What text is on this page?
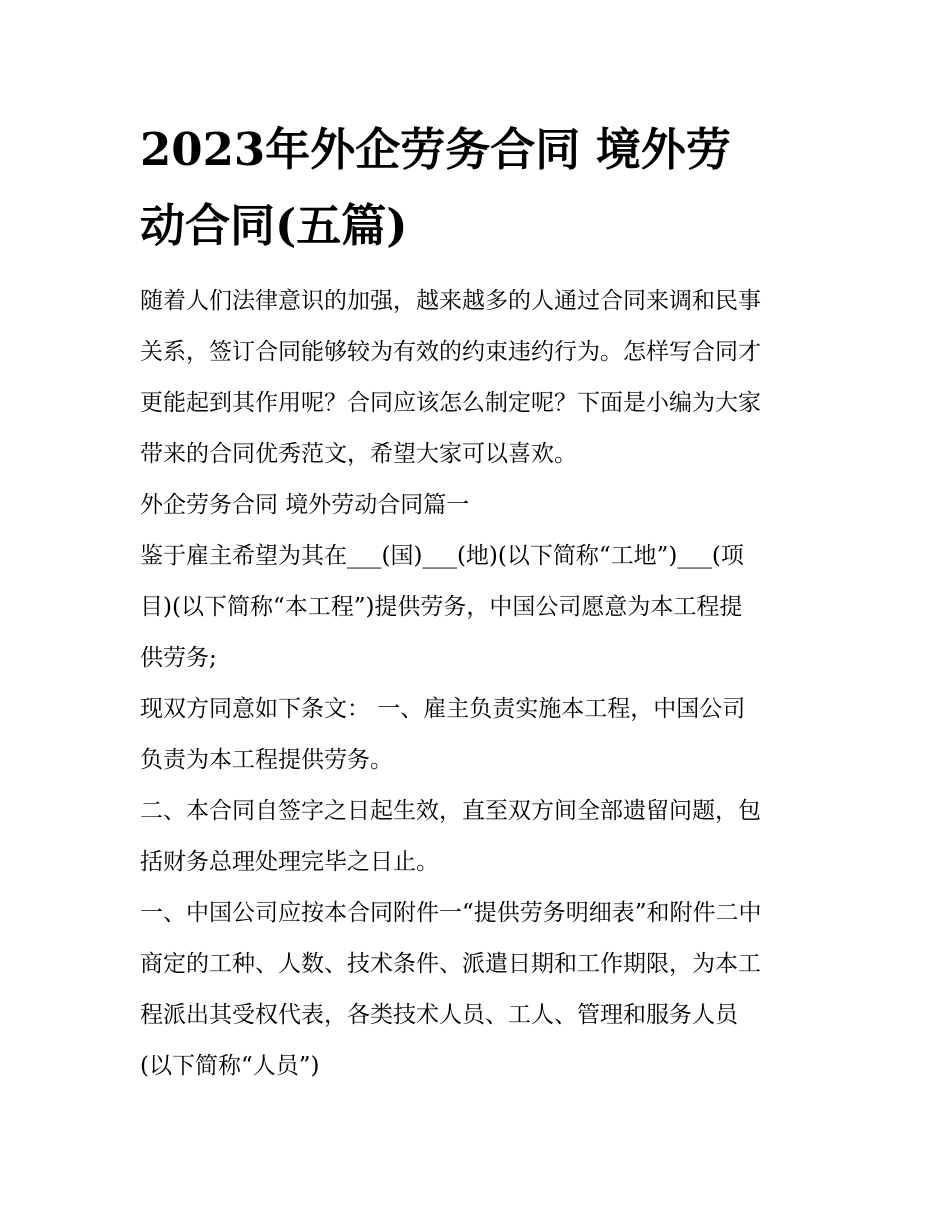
2023年外企劳务合同 境外劳
动合同(五篇)
随着人们法律意识的加强，越来越多的人通过合同来调和民事
关系，签订合同能够较为有效的约束违约行为。怎样写合同才
更能起到其作用呢？合同应该怎么制定呢？下面是小编为大家
带来的合同优秀范文，希望大家可以喜欢。
外企劳务合同 境外劳动合同篇一
鉴于雇主希望为其在___(国)___(地)(以下简称“工地”)___(项
目)(以下简称“本工程”)提供劳务，中国公司愿意为本工程提
供劳务;
现双方同意如下条文： 一、雇主负责实施本工程，中国公司
负责为本工程提供劳务。
二、本合同自签字之日起生效，直至双方间全部遗留问题，包
括财务总理处理完毕之日止。
一、中国公司应按本合同附件一“提供劳务明细表”和附件二中
商定的工种、人数、技术条件、派遣日期和工作期限，为本工
程派出其受权代表，各类技术人员、工人、管理和服务人员
(以下简称“人员”)
